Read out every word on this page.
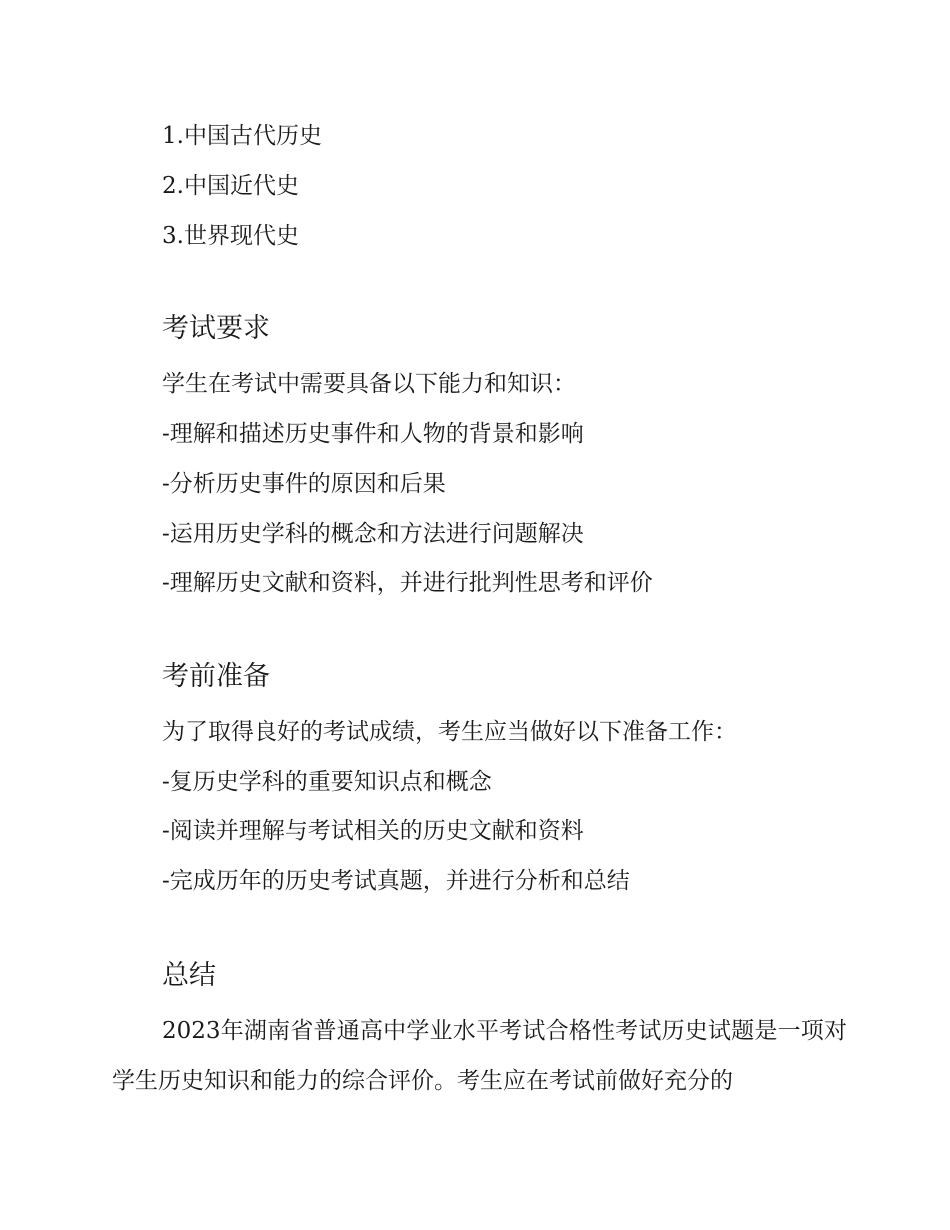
1.中国古代历史
2.中国近代史
3.世界现代史
考试要求
学生在考试中需要具备以下能力和知识：
-理解和描述历史事件和人物的背景和影响
-分析历史事件的原因和后果
-运用历史学科的概念和方法进行问题解决
-理解历史文献和资料，并进行批判性思考和评价
考前准备
为了取得良好的考试成绩，考生应当做好以下准备工作：
-复历史学科的重要知识点和概念
-阅读并理解与考试相关的历史文献和资料
-完成历年的历史考试真题，并进行分析和总结
总结
2023年湖南省普通高中学业水平考试合格性考试历史试题是一项对学生历史知识和能力的综合评价。考生应在考试前做好充分的
